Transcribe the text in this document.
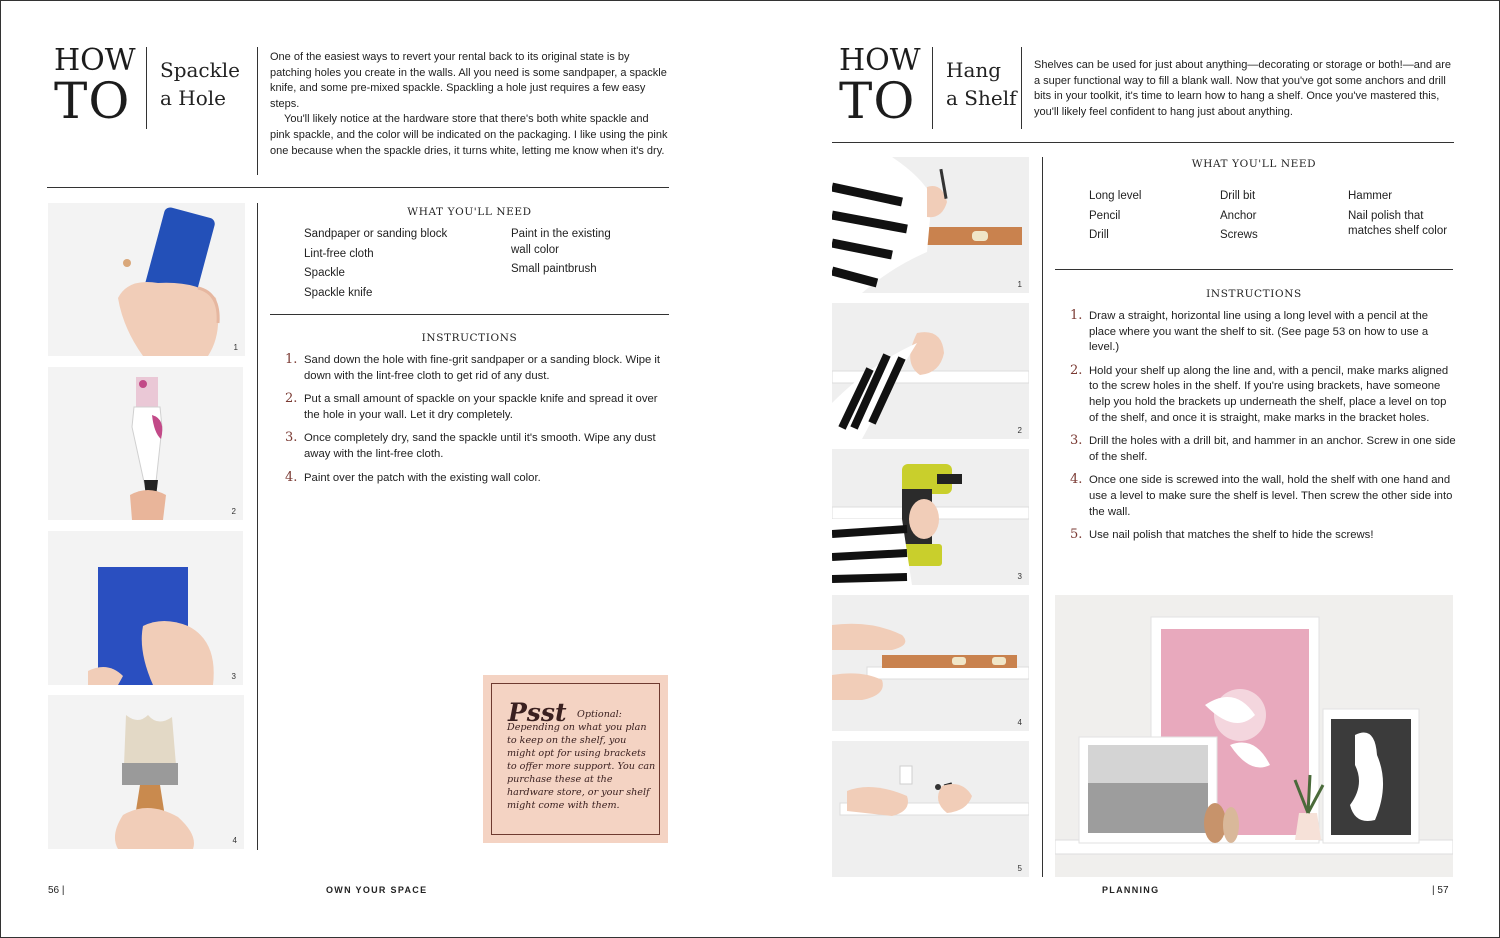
HOW
TO
Spackle
a Hole

One of the easiest ways to revert your rental back to its original state is by patching holes you create in the walls. All you need is some sandpaper, a spackle knife, and some pre-mixed spackle. Spackling a hole just requires a few easy steps.

You'll likely notice at the hardware store that there's both white spackle and pink spackle, and the color will be indicated on the packaging. I like using the pink one because when the spackle dries, it turns white, letting me know when it's dry.

1
2
3
4
WHAT YOU'LL NEED
Sandpaper or sanding block
Lint-free cloth
Spackle
Spackle knife
Paint in the existing wall color
Small paintbrush
INSTRUCTIONS
1. Sand down the hole with fine-grit sandpaper or a sanding block. Wipe it down with the lint-free cloth to get rid of any dust.
2. Put a small amount of spackle on your spackle knife and spread it over the hole in your wall. Let it dry completely.
3. Once completely dry, sand the spackle until it's smooth. Wipe any dust away with the lint-free cloth.
4. Paint over the patch with the existing wall color.
Psst	Optional: Depending on what you plan to keep on the shelf, you might opt for using brackets to offer more support. You can purchase these at the hardware store, or your shelf might come with them.
56 |	OWN YOUR SPACE
HOW
TO
Hang
a Shelf

Shelves can be used for just about anything—decorating or storage or both!—and are a super functional way to fill a blank wall. Now that you've got some anchors and drill bits in your toolkit, it's time to learn how to hang a shelf. Once you've mastered this, you'll likely feel confident to hang just about anything.

1
2
3
4
5
WHAT YOU'LL NEED
Long level
Pencil
Drill
Drill bit
Anchor
Screws
Hammer
Nail polish that matches shelf color
INSTRUCTIONS
1. Draw a straight, horizontal line using a long level with a pencil at the place where you want the shelf to sit. (See page 53 on how to use a level.)
2. Hold your shelf up along the line and, with a pencil, make marks aligned to the screw holes in the shelf. If you're using brackets, have someone help you hold the brackets up underneath the shelf, place a level on top of the shelf, and once it is straight, make marks in the bracket holes.
3. Drill the holes with a drill bit, and hammer in an anchor. Screw in one side of the shelf.
4. Once one side is screwed into the wall, hold the shelf with one hand and use a level to make sure the shelf is level. Then screw the other side into the wall.
5. Use nail polish that matches the shelf to hide the screws!
PLANNING	| 57
